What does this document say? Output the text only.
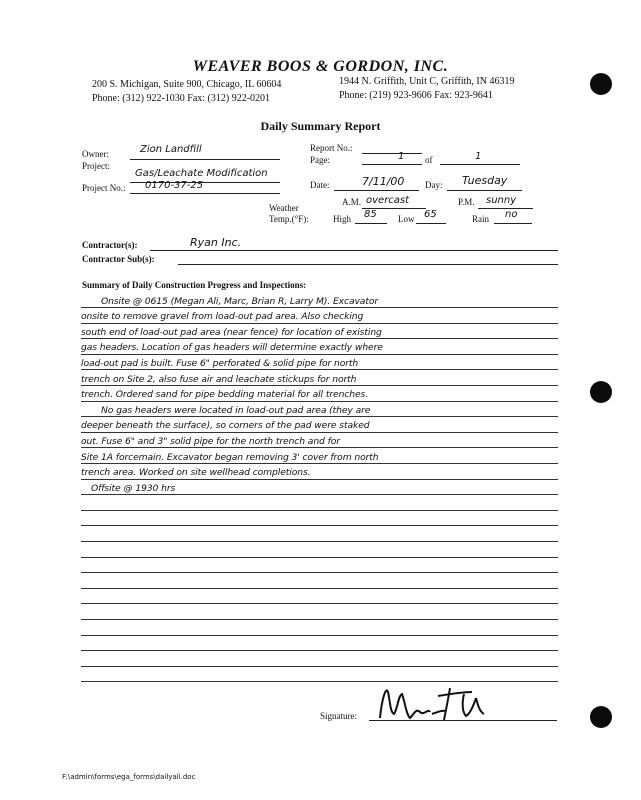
WEAVER BOOS & GORDON, INC.
200 S. Michigan, Suite 900, Chicago, IL 60604
Phone: (312) 922-1030 Fax: (312) 922-0201
1944 N. Griffith, Unit C, Griffith, IN 46319
Phone: (219) 923-9606 Fax: 923-9641
Daily Summary Report
Owner:	Zion Landfill
Project:
Gas/Leachate Modification
Project No.: 0170-37-25
Report No.:
Page:	1 of	1
Date:	7/11/00 Day: Tuesday
Weather
A.M. overcast	P.M. sunny
Temp.(°F):	High 85 Low 65	Rain no
Contractor(s):	Ryan Inc.
Contractor Sub(s):
Summary of Daily Construction Progress and Inspections:
Onsite @ 0615 (Megan Ali, Marc, Brian R, Larry M). Excavator
onsite to remove gravel from load-out pad area. Also checking
south end of load-out pad area (near fence) for location of existing
gas headers. Location of gas headers will determine exactly where
load-out pad is built. Fuse 6" perforated & solid pipe for north
trench on Site 2, also fuse air and leachate stickups for north
trench. Ordered sand for pipe bedding material for all trenches.
No gas headers were located in load-out pad area (they are
deeper beneath the surface), so corners of the pad were staked
out. Fuse 6" and 3" solid pipe for the north trench and for
Site 1A forcemain. Excavator began removing 3' cover from north
trench area. Worked on site wellhead completions.
Offsite @ 1930 hrs
Signature:
F:\admin\forms\ega_forms\dailyali.doc
